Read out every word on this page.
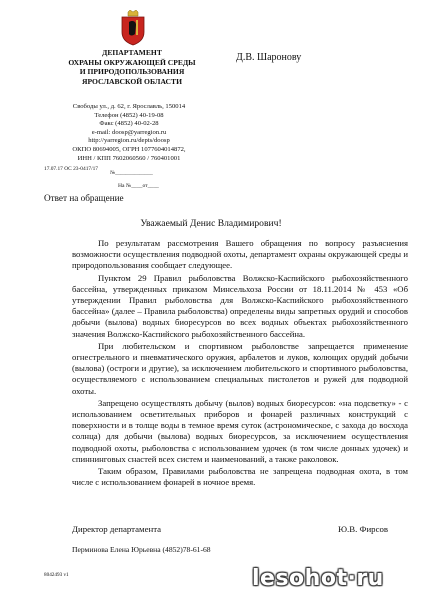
ДЕПАРТАМЕНТ
ОХРАНЫ ОКРУЖАЮЩЕЙ СРЕДЫ
И ПРИРОДОПОЛЬЗОВАНИЯ
ЯРОСЛАВСКОЙ ОБЛАСТИ
Д.В. Шаронову
Свободы ул., д. 62, г. Ярославль, 150014
Телефон (4852) 40-19-08
Факс (4852) 40-02-28
e-mail: doosp@yarregion.ru
http://yarregion.ru/depts/doosp
ОКПО 80694005, ОГРН 1077604014872,
ИНН / КПП 7602060560 / 760401001
17.07.17 ОС 23-0417/17
№______________
На №____от____
Ответ на обращение
Уважаемый Денис Владимирович!

По результатам рассмотрения Вашего обращения по вопросу разъяснения возможности осуществления подводной охоты, департамент охраны окружающей среды и природопользования сообщает следующее.

Пунктом 29 Правил рыболовства Волжско-Каспийского рыбохозяйственного бассейна, утвержденных приказом Минсельхоза России от 18.11.2014 № 453 «Об утверждении Правил рыболовства для Волжско-Каспийского рыбохозяйственного бассейна» (далее – Правила рыболовства) определены виды запретных орудий и способов добычи (вылова) водных биоресурсов во всех водных объектах рыбохозяйственного значения Волжско-Каспийского рыбохозяйственного бассейна.

При любительском и спортивном рыболовстве запрещается применение огнестрельного и пневматического оружия, арбалетов и луков, колющих орудий добычи (вылова) (остроги и другие), за исключением любительского и спортивного рыболовства, осуществляемого с использованием специальных пистолетов и ружей для подводной охоты.

Запрещено осуществлять добычу (вылов) водных биоресурсов: «на подсветку» - с использованием осветительных приборов и фонарей различных конструкций с поверхности и в толще воды в темное время суток (астрономическое, с захода до восхода солнца) для добычи (вылова) водных биоресурсов, за исключением осуществления подводной охоты, рыболовства с использованием удочек (в том числе донных удочек) и спиннинговых снастей всех систем и наименований, а также раколовок.

Таким образом, Правилами рыболовства не запрещена подводная охота, в том числе с использованием фонарей в ночное время.

Директор департамента	Ю.В. Фирсов
Перминова Елена Юрьевна (4852)78-61-68
8042493 v1	lesohot·ru
